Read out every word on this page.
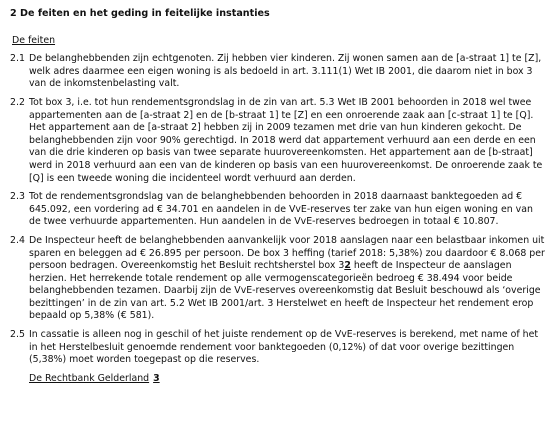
2 De feiten en het geding in feitelijke instanties
De feiten
2.1 De belanghebbenden zijn echtgenoten. Zij hebben vier kinderen. Zij wonen samen aan de [a-straat 1] te [Z], welk adres daarmee een eigen woning is als bedoeld in art. 3.111(1) Wet IB 2001, die daarom niet in box 3 van de inkomstenbelasting valt.
2.2 Tot box 3, i.e. tot hun rendementsgrondslag in de zin van art. 5.3 Wet IB 2001 behoorden in 2018 wel twee appartementen aan de [a-straat 2] en de [b-straat 1] te [Z] en een onroerende zaak aan [c-straat 1] te [Q]. Het appartement aan de [a-straat 2] hebben zij in 2009 tezamen met drie van hun kinderen gekocht. De belanghebbenden zijn voor 90% gerechtigd. In 2018 werd dat appartement verhuurd aan een derde en een van die drie kinderen op basis van twee separate huurovereenkomsten. Het appartement aan de [b-straat] werd in 2018 verhuurd aan een van de kinderen op basis van een huurovereenkomst. De onroerende zaak te [Q] is een tweede woning die incidenteel wordt verhuurd aan derden.
2.3 Tot de rendementsgrondslag van de belanghebbenden behoorden in 2018 daarnaast banktegoeden ad € 645.092, een vordering ad € 34.701 en aandelen in de VvE-reserves ter zake van hun eigen woning en van de twee verhuurde appartementen. Hun aandelen in de VvE-reserves bedroegen in totaal € 10.807.
2.4 De Inspecteur heeft de belanghebbenden aanvankelijk voor 2018 aanslagen naar een belastbaar inkomen uit sparen en beleggen ad € 26.895 per persoon. De box 3 heffing (tarief 2018: 5,38%) zou daardoor € 8.068 per persoon bedragen. Overeenkomstig het Besluit rechtsherstel box 32 heeft de Inspecteur de aanslagen herzien. Het herrekende totale rendement op alle vermogenscategorieën bedroeg € 38.494 voor beide belanghebbenden tezamen. Daarbij zijn de VvE-reserves overeenkomstig dat Besluit beschouwd als ‘overige bezittingen’ in de zin van art. 5.2 Wet IB 2001/art. 3 Herstelwet en heeft de Inspecteur het rendement erop bepaald op 5,38% (€ 581).
2.5 In cassatie is alleen nog in geschil of het juiste rendement op de VvE-reserves is berekend, met name of het in het Herstelbesluit genoemde rendement voor banktegoeden (0,12%) of dat voor overige bezittingen (5,38%) moet worden toegepast op die reserves.
De Rechtbank Gelderland 3
